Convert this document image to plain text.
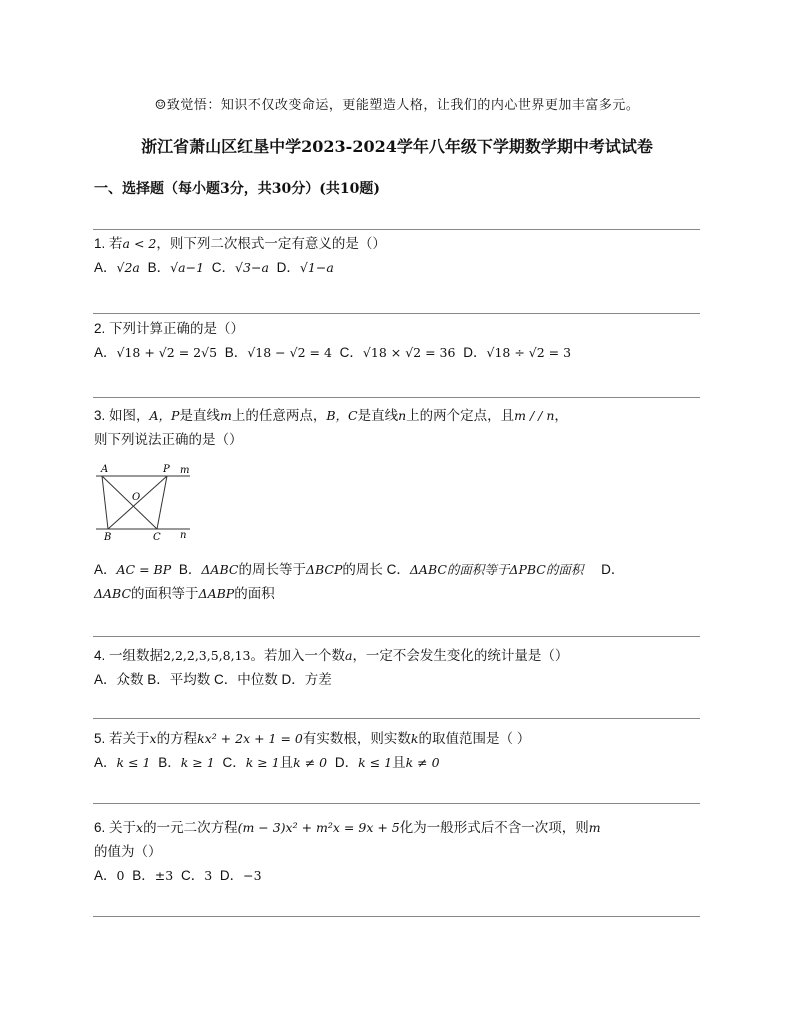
☺致觉悟：知识不仅改变命运，更能塑造人格，让我们的内心世界更加丰富多元。
浙江省萧山区红垦中学2023-2024学年八年级下学期数学期中考试试卷
一、选择题（每小题3分，共30分）(共10题)
1. 若a < 2，则下列二次根式一定有意义的是（）
A．√2a B．√a−1 C．√3−a D．√1−a
2. 下列计算正确的是（）
A．√18 + √2 = 2√5 B．√18 − √2 = 4 C．√18 × √2 = 36 D．√18 ÷ √2 = 3
3. 如图，A，P是直线m上的任意两点，B，C是直线n上的两个定点，且m / / n，
则下列说法正确的是（）
A	P m
O
B	C n
A．AC = BP B．ΔABC的周长等于ΔBCP的周长 C．ΔABC的面积等于ΔPBC的面积 D．
ΔABC的面积等于ΔABP的面积
4. 一组数据2,2,2,3,5,8,13。若加入一个数a，一定不会发生变化的统计量是（）
A．众数 B．平均数 C．中位数 D．方差
5. 若关于x的方程kx² + 2x + 1 = 0有实数根，则实数k的取值范围是（ ）
A．k ≤ 1 B．k ≥ 1 C．k ≥ 1且k ≠ 0 D．k ≤ 1且k ≠ 0
6. 关于x的一元二次方程(m − 3)x² + m²x = 9x + 5化为一般形式后不含一次项，则m
的值为（）
A．0 B．±3 C．3 D．−3
